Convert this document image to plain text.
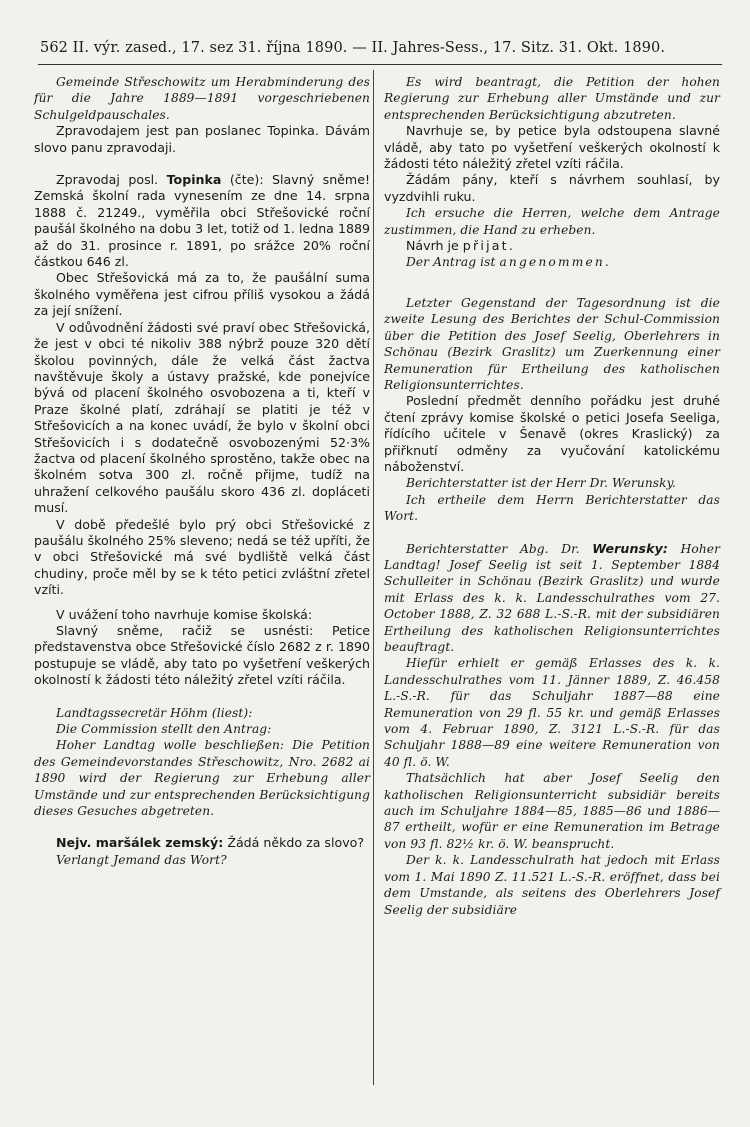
562 II. výr. zased., 17. sez 31. října 1890. — II. Jahres-Sess., 17. Sitz. 31. Okt. 1890.

Gemeinde Střeschowitz um Herabminderung des für die Jahre 1889—1891 vorgeschriebenen Schulgeldpauschales.

Zpravodajem jest pan poslanec Topinka. Dávám slovo panu zpravodaji.

Zpravodaj posl. Topinka (čte): Slavný sněme! Zemská školní rada vynesením ze dne 14. srpna 1888 č. 21249., vyměřila obci Střešovické roční paušál školného na dobu 3 let, totiž od 1. ledna 1889 až do 31. prosince r. 1891, po srážce 20% roční částkou 646 zl.

Obec Střešovická má za to, že paušální suma školného vyměřena jest cifrou příliš vysokou a žádá za její snížení.

V odůvodnění žádosti své praví obec Střešovická, že jest v obci té nikoliv 388 nýbrž pouze 320 dětí školou povinných, dále že velká část žactva navštěvuje školy a ústavy pražské, kde ponejvíce bývá od placení školného osvobozena a ti, kteří v Praze školné platí, zdráhají se platiti je též v Střešovicích a na konec uvádí, že bylo v školní obci Střešovicích i s dodatečně osvobozenými 52·3% žactva od placení školného sprostěno, takže obec na školném sotva 300 zl. ročně přijme, tudíž na uhražení celkového paušálu skoro 436 zl. dopláceti musí.

V době předešlé bylo prý obci Střešovické z paušálu školného 25% sleveno; nedá se též upříti, že v obci Střešovické má své bydliště velká část chudiny, proče měl by se k této petici zvláštní zřetel vzíti.

V uvážení toho navrhuje komise školská:

Slavný sněme, račiž se usnésti: Petice představenstva obce Střešovické číslo 2682 z r. 1890 postupuje se vládě, aby tato po vyšetření veškerých okolností k žádosti této náležitý zřetel vzíti ráčila.

Landtagssecretär Höhm (liest):

Die Commission stellt den Antrag:

Hoher Landtag wolle beschließen: Die Petition des Gemeindevorstandes Střeschowitz, Nro. 2682 ai 1890 wird der Regierung zur Erhebung aller Umstände und zur entsprechenden Berücksichtigung dieses Gesuches abgetreten.

Nejv. maršálek zemský: Žádá někdo za slovo?

Verlangt Jemand das Wort?

Es wird beantragt, die Petition der hohen Regierung zur Erhebung aller Umstände und zur entsprechenden Berücksichtigung abzutreten.

Navrhuje se, by petice byla odstoupena slavné vládě, aby tato po vyšetření veškerých okolností k žádosti této náležitý zřetel vzíti ráčila.

Žádám pány, kteří s návrhem souhlasí, by vyzdvihli ruku.

Ich ersuche die Herren, welche dem Antrage zustimmen, die Hand zu erheben.

Návrh je přijat.

Der Antrag ist angenommen.

Letzter Gegenstand der Tagesordnung ist die zweite Lesung des Berichtes der Schul-Commission über die Petition des Josef Seelig, Oberlehrers in Schönau (Bezirk Graslitz) um Zuerkennung einer Remuneration für Ertheilung des katholischen Religionsunterrichtes.

Poslední předmět denního pořádku jest druhé čtení zprávy komise školské o petici Josefa Seeliga, řídícího učitele v Šenavě (okres Kraslický) za přiřknutí odměny za vyučování katolickému náboženství.

Berichterstatter ist der Herr Dr. Werunsky.

Ich ertheile dem Herrn Berichterstatter das Wort.

Berichterstatter Abg. Dr. Werunsky: Hoher Landtag! Josef Seelig ist seit 1. September 1884 Schulleiter in Schönau (Bezirk Graslitz) und wurde mit Erlass des k. k. Landesschulrathes vom 27. October 1888, Z. 32 688 L.-S.-R. mit der subsidiären Ertheilung des katholischen Religionsunterrichtes beauftragt.

Hiefür erhielt er gemäß Erlasses des k. k. Landesschulrathes vom 11. Jänner 1889, Z. 46.458 L.-S.-R. für das Schuljahr 1887—88 eine Remuneration von 29 fl. 55 kr. und gemäß Erlasses vom 4. Februar 1890, Z. 3121 L.-S.-R. für das Schuljahr 1888—89 eine weitere Remuneration von 40 fl. ö. W.

Thatsächlich hat aber Josef Seelig den katholischen Religionsunterricht subsidiär bereits auch im Schuljahre 1884—85, 1885—86 und 1886—87 ertheilt, wofür er eine Remuneration im Betrage von 93 fl. 82½ kr. ö. W. beansprucht.

Der k. k. Landesschulrath hat jedoch mit Erlass vom 1. Mai 1890 Z. 11.521 L.-S.-R. eröffnet, dass bei dem Umstande, als seitens des Oberlehrers Josef Seelig der subsidiäre
